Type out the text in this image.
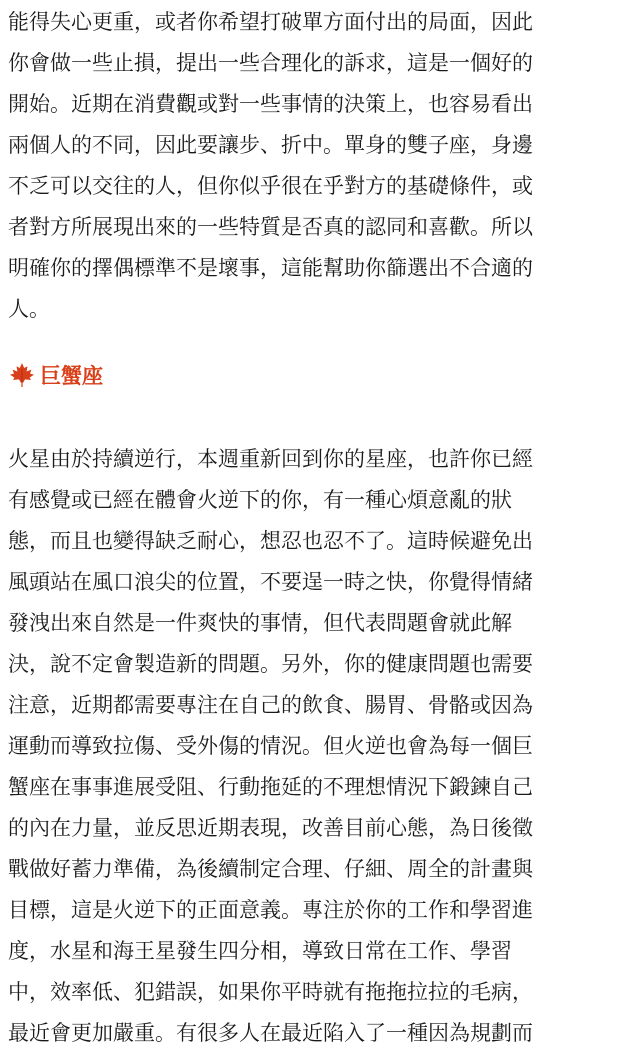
能得失心更重，或者你希望打破單方面付出的局面，因此
你會做一些止損，提出一些合理化的訴求，這是一個好的
開始。近期在消費觀或對一些事情的決策上，也容易看出
兩個人的不同，因此要讓步、折中。單身的雙子座，身邊
不乏可以交往的人，但你似乎很在乎對方的基礎條件，或
者對方所展現出來的一些特質是否真的認同和喜歡。所以
明確你的擇偶標準不是壞事，這能幫助你篩選出不合適的
人。
巨蟹座
火星由於持續逆行，本週重新回到你的星座，也許你已經
有感覺或已經在體會火逆下的你，有一種心煩意亂的狀
態，而且也變得缺乏耐心，想忍也忍不了。這時候避免出
風頭站在風口浪尖的位置，不要逞一時之快，你覺得情緒
發洩出來自然是一件爽快的事情，但代表問題會就此解
決，說不定會製造新的問題。另外，你的健康問題也需要
注意，近期都需要專注在自己的飲食、腸胃、骨骼或因為
運動而導致拉傷、受外傷的情況。但火逆也會為每一個巨
蟹座在事事進展受阻、行動拖延的不理想情況下鍛鍊自己
的內在力量，並反思近期表現，改善目前心態，為日後徵
戰做好蓄力準備，為後續制定合理、仔細、周全的計畫與
目標，這是火逆下的正面意義。專注於你的工作和學習進
度，水星和海王星發生四分相，導致日常在工作、學習
中，效率低、犯錯誤，如果你平時就有拖拖拉拉的毛病，
最近會更加嚴重。有很多人在最近陷入了一種因為規劃而
